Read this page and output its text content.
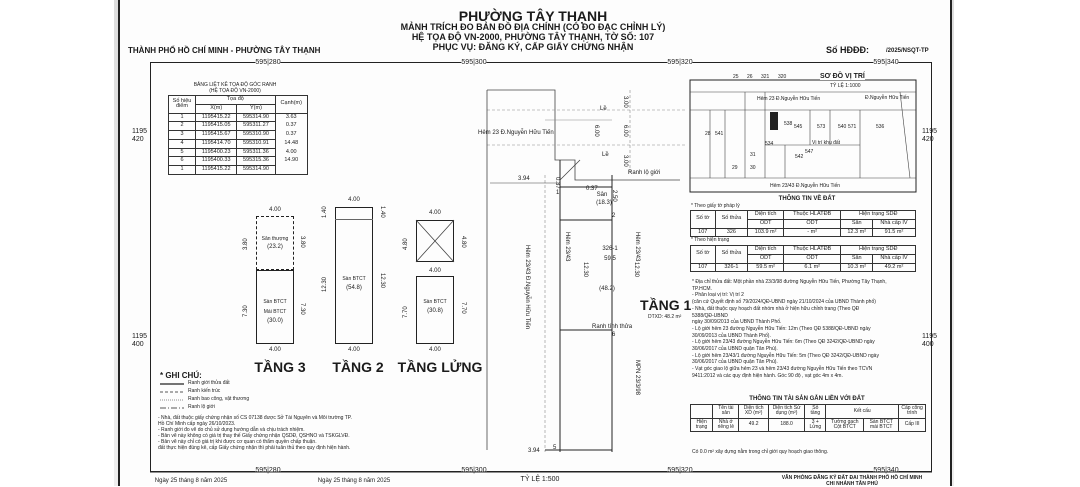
PHƯỜNG TÂY THẠNH
MẢNH TRÍCH ĐO BẢN ĐỒ ĐỊA CHÍNH (CÓ ĐO ĐẠC CHỈNH LÝ)
HỆ TỌA ĐỘ VN-2000, PHƯỜNG TÂY THẠNH, TỜ SỐ: 107
PHỤC VỤ: ĐĂNG KÝ, CẤP GIẤY CHỨNG NHẬN
THÀNH PHỐ HỒ CHÍ MINH - PHƯỜNG TÂY THẠNH	Số HĐĐĐ:	/2025/NSQT-TP
595|280	595|300	595|320	595|340
595|280	595|300	595|320	595|340
1195
420
1195
400
1195
420
1195
400
BẢNG LIỆT KÊ TỌA ĐỘ GÓC RANH
(HỆ TỌA ĐỘ VN-2000)
Số hiệu điểm	Tọa độ		Cạnh(m)
	X(m)	Y(m)	
1	1195415.22	595314.90	3.63
2	1195415.05	595311.27	0.37
3	1195415.67	595310.90	0.37
4	1195414.70	595310.91	14.48
5	1195400.23	595311.36	4.00
6	1195400.33	595315.36	14.90
1	1195415.22	595314.90	
4.00
4.00
3.80	3.80
7.30	7.30
Sân thượng
(23.2)
Sàn BTCT
Mái BTCT
(30.0)
TẦNG 3
4.00
4.00
1.40	1.40
12.30	12.30
Sàn BTCT
(54.8)
TẦNG 2
4.00
4.00
4.00
4.80	4.80
7.70	7.70
Sàn BTCT
(30.8)
TẦNG LỬNG
Hẻm 23 Đ.Nguyễn Hữu Tiến
Lề
Lề
3.00
6.00
6.00
3.00
3.94
3.94
0.37
0.37
2.50
12.30	12.30
Ranh lộ giới
Sân
(18.3)
326-1
59.5
(48.2)
TẦNG 1
DTXD: 48.2 m²
Ranh tính thửa
Hẻm 23/43 Đ.Nguyễn Hữu Tiến	Hẻm 23/43	Hẻm 23/43
MPN 23/3/98
5
6
1
2
* GHI CHÚ:
Ranh giới thửa đất
Ranh kiến trúc
Ranh bao công, vật thương
Ranh lộ giới
- Nhà, đất thuộc giấy chứng nhận số CS 07138 được Sở Tài Nguyên và Môi trường TP.
Hồ Chí Minh cấp ngày 26/10/2023.
- Ranh giới đo vẽ do chủ sử dụng hướng dẫn và chịu trách nhiệm.
- Bản vẽ này không có giá trị thay thế Giấy chứng nhận QSDĐ, QSHNO và TSKGLVĐ.
- Bản vẽ này chỉ có giá trị khi được cơ quan có thẩm quyền chấp thuận.
đất thực hiện đúng kê, cấp Giấy chứng nhận thì phải tuân thủ theo quy định hiện hành.
SƠ ĐỒ VỊ TRÍ
TỶ LỆ 1:1000
25 26 321 320
28 541
545	573	540 571	536
542
547
31
30
29
534
538
Hẻm 23 Đ.Nguyễn Hữu Tiến
Hẻm 23/43 Đ.Nguyễn Hữu Tiến
Đ.Nguyễn Hữu Tiến
Vị trí khu đất
THÔNG TIN VỀ ĐẤT
* Theo giấy tờ pháp lý
Số tờ	Số thửa	Diện tích	Thuộc HLATĐB	Hiện trạng SDĐ	
		ODT	ODT	Sân	Nhà cấp IV
107	326	103.9 m²	- m²	12.3 m²	91.5 m²
* Theo hiện trạng
Số tờ	Số thửa	Diện tích	Thuộc HLATĐB	Hiện trạng SDĐ	
		ODT	ODT	Sân	Nhà cấp IV
107	326-1	59.5 m²	6.1 m²	10.3 m²	49.2 m²
* Địa chỉ thửa đất: Một phần nhà 23/3/98 đường Nguyễn Hữu Tiến, Phường Tây Thạnh,
TP.HCM.
- Phân loại vị trí: Vị trí 2
(căn cứ Quyết định số 79/2024/QĐ-UBND ngày 21/10/2024 của UBND Thành phố)
- Nhà, đất thuộc quy hoạch đất nhóm nhà ở hiện hữu chỉnh trang (Theo QĐ
5388/QĐ-UBND
ngày 30/09/2013 của UBND Thành Phố.
- Lộ giới hẻm 23 đường Nguyễn Hữu Tiến: 12m (Theo QĐ 5388/QĐ-UBND ngày
30/09/2013 của UBND Thành Phố).
- Lộ giới hẻm 23/43 đường Nguyễn Hữu Tiến: 6m (Theo QĐ 3242/QĐ-UBND ngày
30/06/2017 của UBND quận Tân Phú).
- Lộ giới hẻm 23/43/1 đường Nguyễn Hữu Tiến: 5m (Theo QĐ 3242/QĐ-UBND ngày
30/06/2017 của UBND quận Tân Phú).
- Vạt góc giao lộ giữa hẻm 23 và hẻm 23/43 đường Nguyễn Hữu Tiến theo TCVN
9411:2012 và các quy định hiện hành. Góc 90 độ , vạt góc 4m x 4m.
THÔNG TIN TÀI SẢN GẮN LIỀN VỚI ĐẤT
	Tên tài sản	Diện tích XD (m²)	Diện tích Sử dụng (m²)	Số tầng	Kết cấu		Cấp công trình
Hiện trạng	Nhà ở riêng lẻ	49.2	188.0	3 + Lửng	Tường gạch Cột BTCT	Sàn BTCT mái BTCT	Cấp III
Có 0.0 m² xây dựng nằm trong chỉ giới quy hoạch giao thông.
Ngày 25 tháng 8 năm 2025	Ngày 25 tháng 8 năm 2025	TỶ LỆ 1:500	VĂN PHÒNG ĐĂNG KÝ ĐẤT ĐAI THÀNH PHỐ HỒ CHÍ MINH
CHI NHÁNH TÂN PHÚ
